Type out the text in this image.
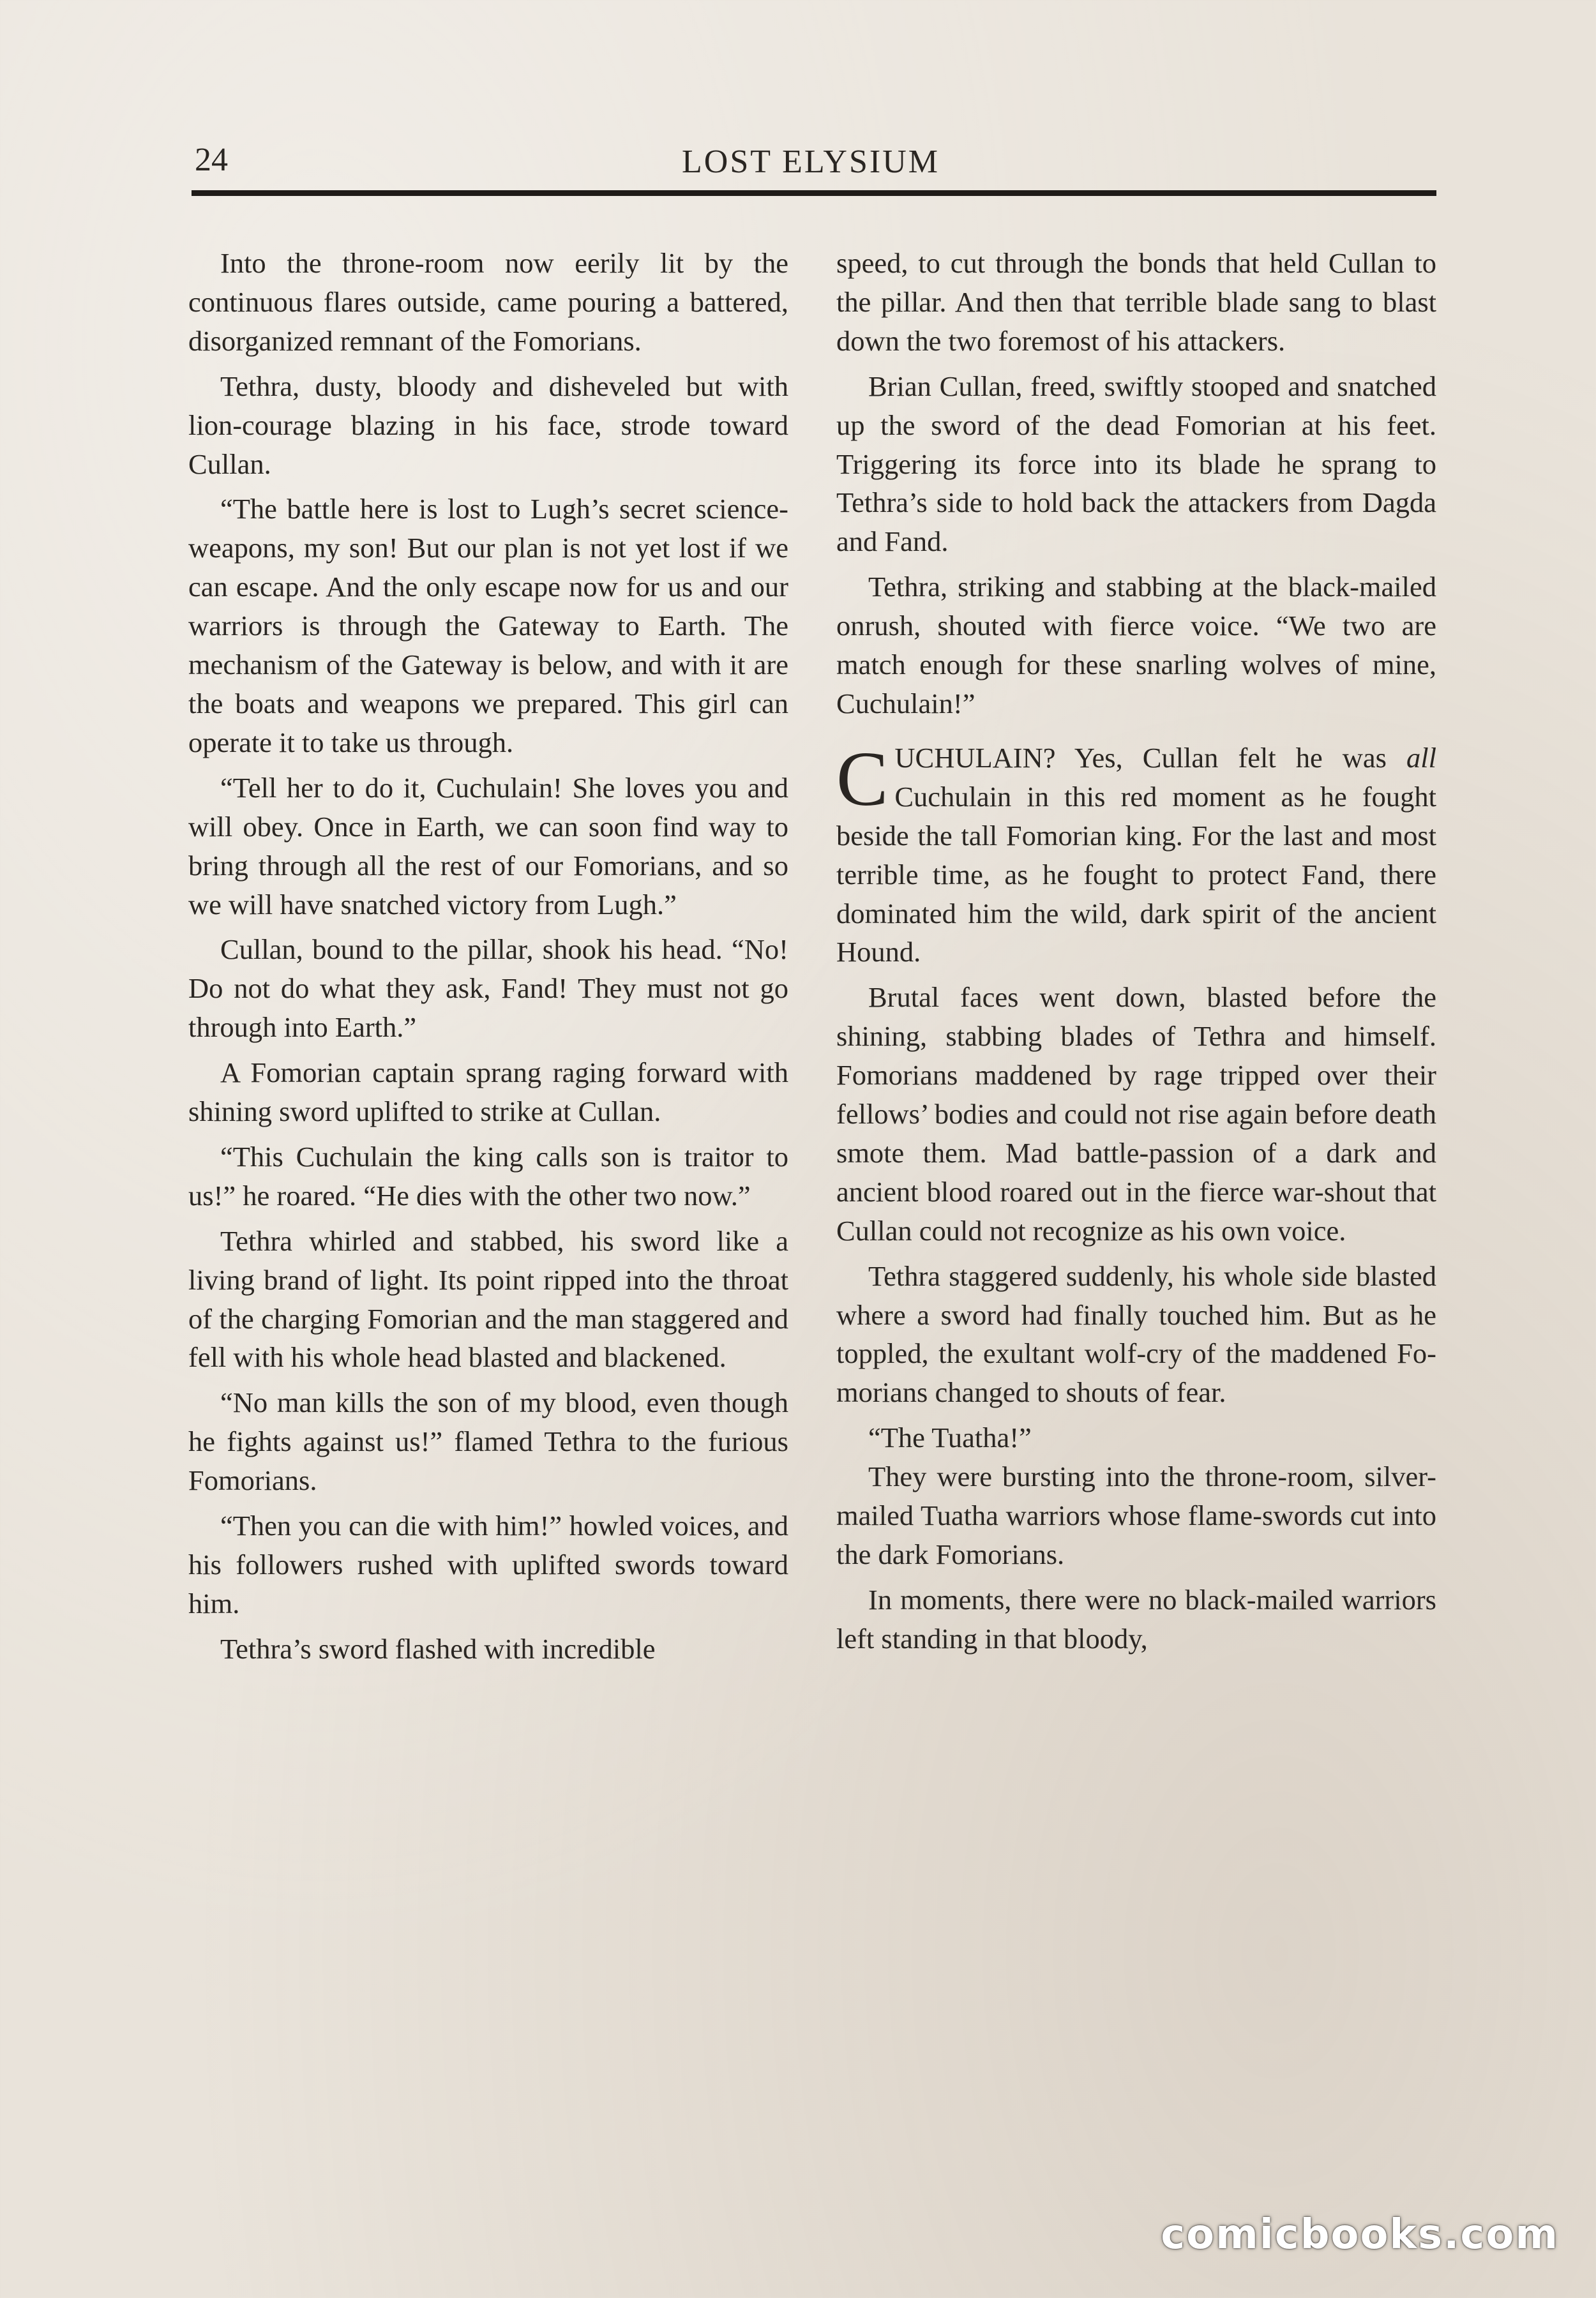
24	LOST ELYSIUM

Into the throne-room now eerily lit by the continuous flares outside, came pouring a battered, disorganized remnant of the Fomorians.

Tethra, dusty, bloody and disheveled but with lion-courage blazing in his face, strode toward Cullan.

“The battle here is lost to Lugh’s secret science-weapons, my son! But our plan is not yet lost if we can escape. And the only escape now for us and our warriors is through the Gateway to Earth. The mechanism of the Gateway is below, and with it are the boats and weapons we prepared. This girl can operate it to take us through.

“Tell her to do it, Cuchulain! She loves you and will obey. Once in Earth, we can soon find way to bring through all the rest of our Fomorians, and so we will have snatched victory from Lugh.”

Cullan, bound to the pillar, shook his head. “No! Do not do what they ask, Fand! They must not go through into Earth.”

A Fomorian captain sprang raging forward with shining sword uplifted to strike at Cullan.

“This Cuchulain the king calls son is traitor to us!” he roared. “He dies with the other two now.”

Tethra whirled and stabbed, his sword like a living brand of light. Its point ripped into the throat of the charging Fomorian and the man staggered and fell with his whole head blasted and blackened.

“No man kills the son of my blood, even though he fights against us!” flamed Tethra to the furious Fomorians.

“Then you can die with him!” howled voices, and his followers rushed with uplifted swords toward him.

Tethra’s sword flashed with incredible

speed, to cut through the bonds that held Cullan to the pillar. And then that terrible blade sang to blast down the two foremost of his attackers.

Brian Cullan, freed, swiftly stooped and snatched up the sword of the dead Fomorian at his feet. Triggering its force into its blade he sprang to Tethra’s side to hold back the attackers from Dagda and Fand.

Tethra, striking and stabbing at the black-mailed onrush, shouted with fierce voice. “We two are match enough for these snarling wolves of mine, Cuchulain!”

CUCHULAIN? Yes, Cullan felt he was all Cuchulain in this red moment as he fought beside the tall Fomorian king. For the last and most terrible time, as he fought to protect Fand, there dominated him the wild, dark spirit of the ancient Hound.

Brutal faces went down, blasted before the shining, stabbing blades of Tethra and himself. Fomorians maddened by rage tripped over their fellows’ bodies and could not rise again before death smote them. Mad battle-passion of a dark and ancient blood roared out in the fierce war-shout that Cullan could not recognize as his own voice.

Tethra staggered suddenly, his whole side blasted where a sword had finally touched him. But as he toppled, the exultant wolf-cry of the maddened Fomorians changed to shouts of fear.

“The Tuatha!”

They were bursting into the throne-room, silver-mailed Tuatha warriors whose flame-swords cut into the dark Fomorians.

In moments, there were no black-mailed warriors left standing in that bloody,

comicbooks.com
